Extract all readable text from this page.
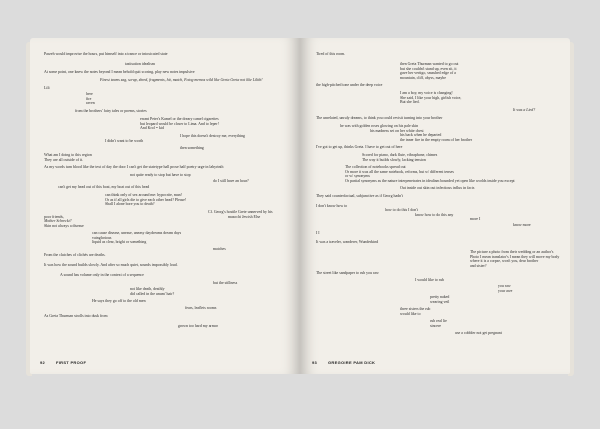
92	FIRST PROOF
Parzeh would improvise the hours, put himself into a trance or intoxicated state
tastisation idealism
At some point, one knew the notes beyond I mean behold quit scoring, play new notes impulsive
Finest teams sag, scrap, shred, fragments, hit, match, Fotog memos wild like Greta Greta not like Lilith!
Lili
here
fire
raven
from the brothers' fairy tales or poems, stories
errant Peter's Kamel or the dreary camel cigarettes
but leopard would be closer to Lima. And to leper!
And Krol = kid
I hope this doesn't destroy me, everything
I didn't want to be worth
then something
What am I doing to this region
They are all outside of it.
As my words turn blood like the text of day the door I can't get the statetype hall prose half poetry urge in labyrinth
not quite ready to stop but have to stop
do I still have an hour?
can't get my head out of this boat, my boat out of this head
can think only of sex around me: hypocrite, man!
Or as if all girls die to give each other head? Please!
Shall I alone bore you to death?
Cf. Georg's hostile Grete unnerved by his
poor friends,	masochi Jewish Else
Mother Schreckt?
Skin not always a disease
can cause disease, unease, uneasy daydreams dream days
vainglorious
liquid as clear, bright or something
matches
From the clutches of clichés are deaths.
It was how the sound builds slowly. And after so much quiet, sounds impossibly loud.
A sound has volume only in the context of a sequence
but the stillness
not like death, deathly
did called in the unum' hair?
He says they go off to the old men
fears, leaflets rooms
As Greta Thurman strolls into dusk from
grown too hard my armor
93	GREGOIRE PAM DICK
Tired of this room.
then Greta Thurman wanted to go out
but she couldn't stand up, even sit, it
gave her vertigo, smashed edge of a
mountain, cliff, abyss, maybe
the high-pitched tone under the deep voice
I am a boy, my voice is changing!
She said, I like your high, girlish voice,
But she lied.
It was a Lied?
The unrelated, unruly dreams, to think you could revisit turning into your brother
he was with golden roses glowing on his pale skin
his madness set on her white chest
his back when he departed
the inner fire in the empty room of her brother
I've got to get up, thinks Greta. I have to get out of here
Scored for piano, dark flute, vibraphone, chimes
The way it builds slowly, lacking tension
The collection of notebooks spread out
Or more it was all the same notebook, reforms, but w/ different tenses
or w/ synonyms
Or partial synonyms as the nature interpenetrates in idealism bounded yet open like worlds inside you except
Out inside out skin out infectious influx in facts
They said counterfactual, subjunctive as if Georg hadn't
I don't know how to
how to do this I don't
know how to do this any
more I
know more
I I
It was a traveler, wanderer, Wunderkind
The picture a photo from their wedding or an author's
Photo I mean translator's I mean they will move my body
where it is a corpse, won't you, dear brother
and sister?
The street like sandpaper to rub you raw
I would like to rub
you raw
your awe
pretty naked
wearing veil
three sisters the rub
would like to
rub real lie
sincere
use a cobbler not get pregnant
